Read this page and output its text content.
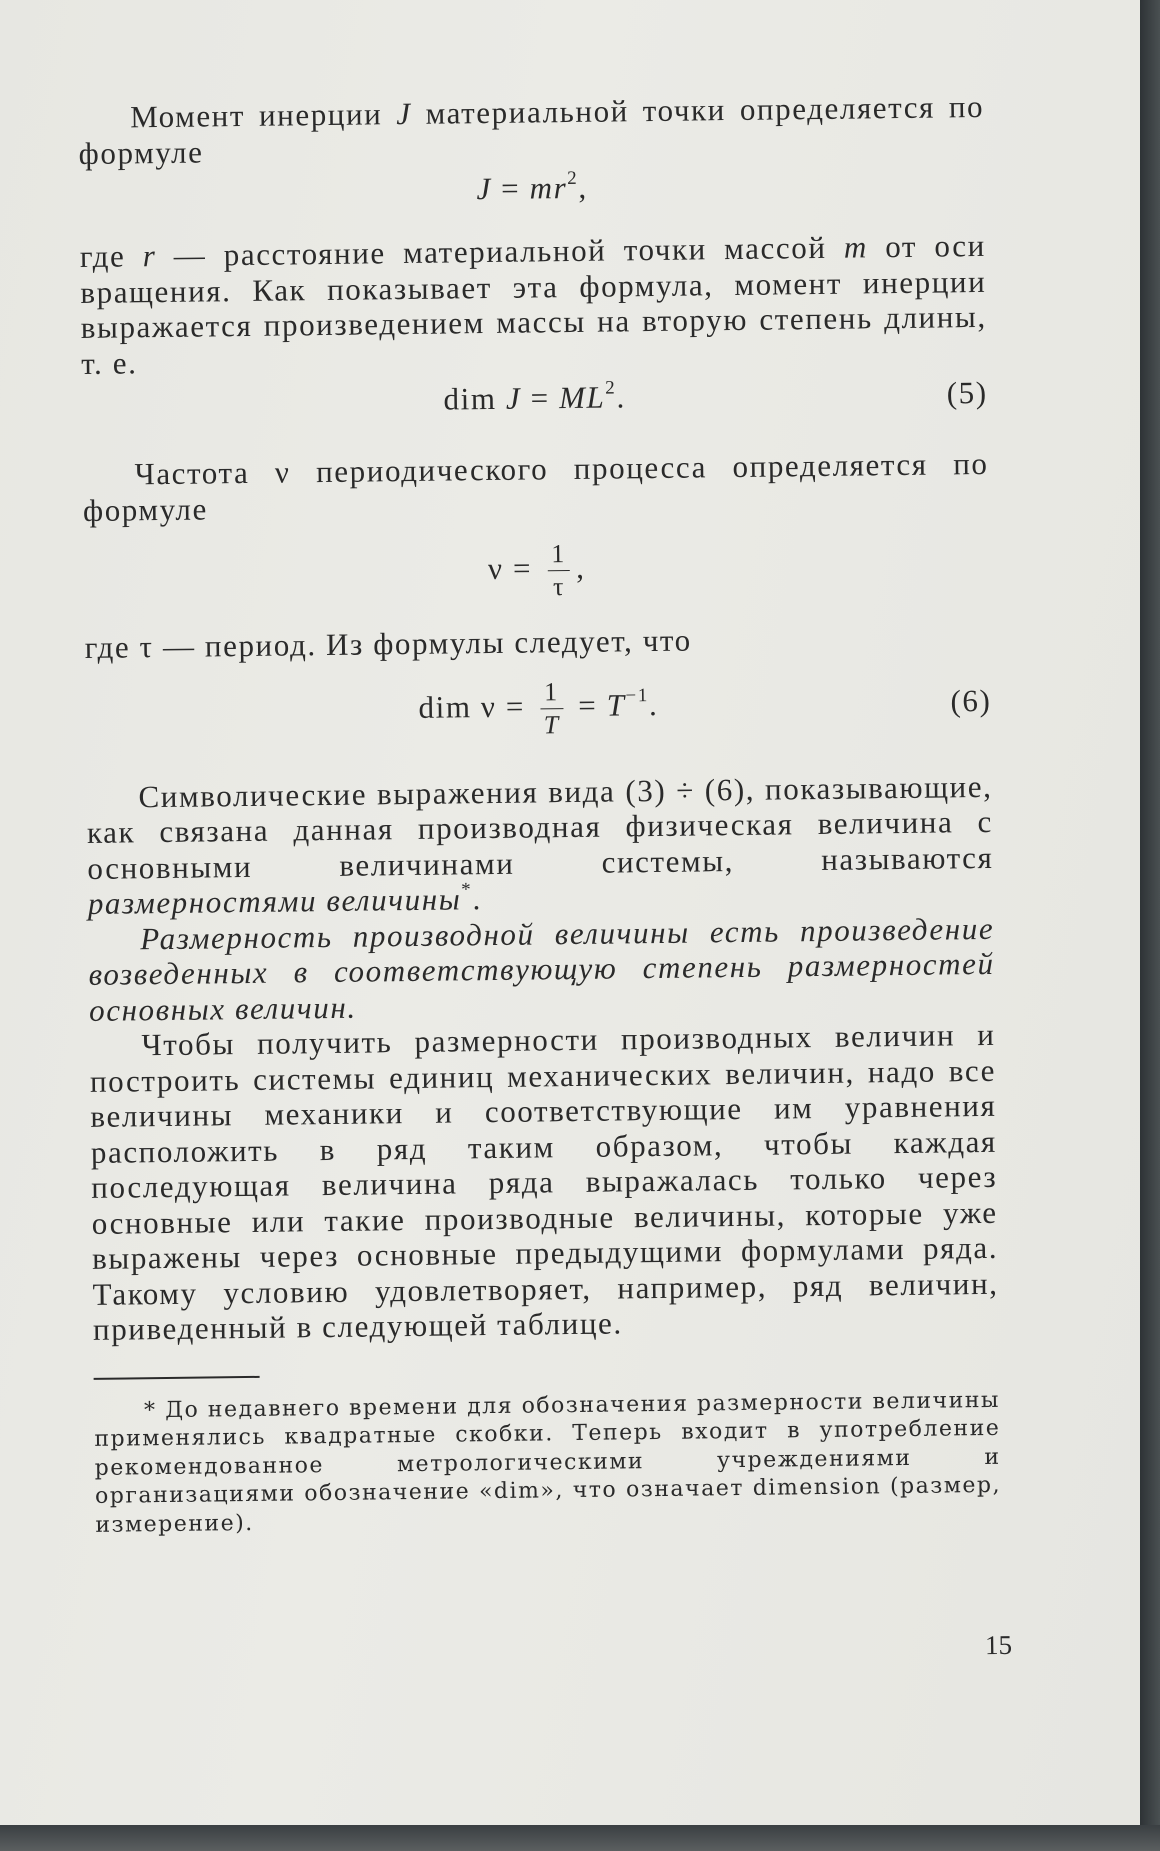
Момент инерции J материальной точки определяется по формуле

$J = mr^2$,

где r — расстояние материальной точки массой m от оси вращения. Как показывает эта формула, момент инерции выражается произведением массы на вторую степень длины, т. е.

dim $J = ML^2$.	(5)

Частота ν периодического процесса определяется по формуле

$\nu = \frac{1}{\tau}$ ,

где τ — период. Из формулы следует, что

dim $\nu = \frac{1}{T} = T^{-1}$.	(6)

Символические выражения вида (3) ÷ (6), показывающие, как связана данная производная физическая величина с основными величинами системы, называются размерностями величины*.

Размерность производной величины есть произведение возведенных в соответствующую степень размерностей основных величин.

Чтобы получить размерности производных величин и построить системы единиц механических величин, надо все величины механики и соответствующие им уравнения расположить в ряд таким образом, чтобы каждая последующая величина ряда выражалась только через основные или такие производные величины, которые уже выражены через основные предыдущими формулами ряда. Такому условию удовлетворяет, например, ряд величин, приведенный в следующей таблице.

* До недавнего времени для обозначения размерности величины применялись квадратные скобки. Теперь входит в употребление рекомендованное метрологическими учреждениями и организациями обозначение «dim», что означает dimension (размер, измерение).

15
